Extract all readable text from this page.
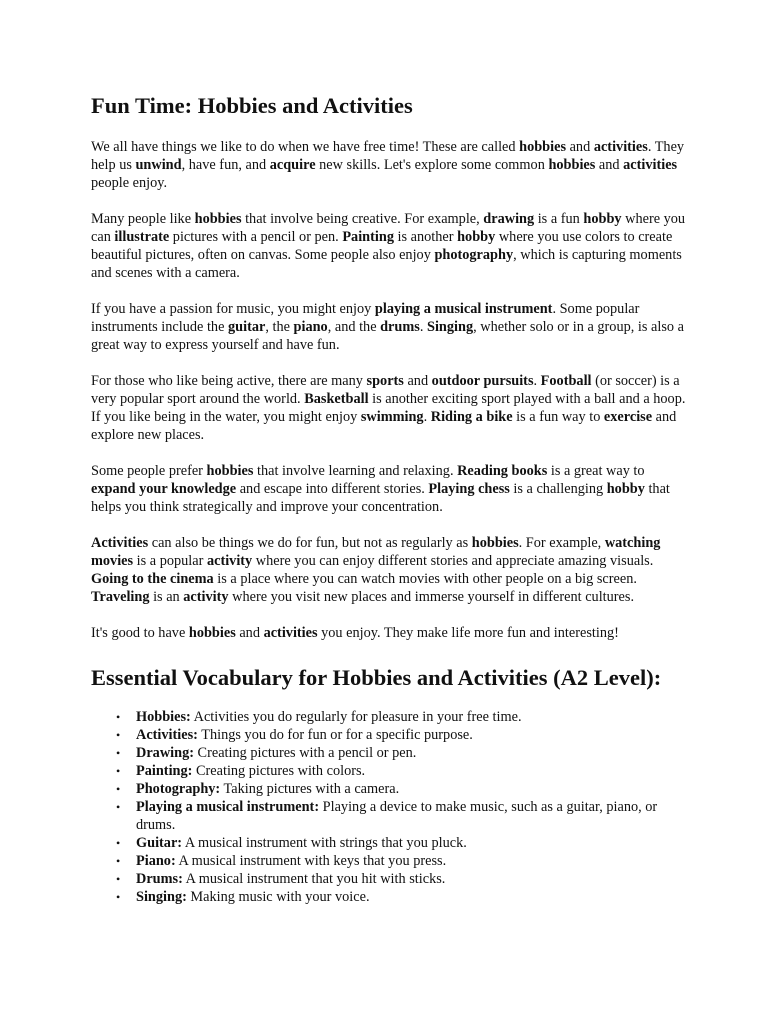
Fun Time: Hobbies and Activities

We all have things we like to do when we have free time! These are called hobbies and activities. They help us unwind, have fun, and acquire new skills. Let's explore some common hobbies and activities people enjoy.

Many people like hobbies that involve being creative. For example, drawing is a fun hobby where you can illustrate pictures with a pencil or pen. Painting is another hobby where you use colors to create beautiful pictures, often on canvas. Some people also enjoy photography, which is capturing moments and scenes with a camera.

If you have a passion for music, you might enjoy playing a musical instrument. Some popular instruments include the guitar, the piano, and the drums. Singing, whether solo or in a group, is also a great way to express yourself and have fun.

For those who like being active, there are many sports and outdoor pursuits. Football (or soccer) is a very popular sport around the world. Basketball is another exciting sport played with a ball and a hoop. If you like being in the water, you might enjoy swimming. Riding a bike is a fun way to exercise and explore new places.

Some people prefer hobbies that involve learning and relaxing. Reading books is a great way to expand your knowledge and escape into different stories. Playing chess is a challenging hobby that helps you think strategically and improve your concentration.

Activities can also be things we do for fun, but not as regularly as hobbies. For example, watching movies is a popular activity where you can enjoy different stories and appreciate amazing visuals. Going to the cinema is a place where you can watch movies with other people on a big screen. Traveling is an activity where you visit new places and immerse yourself in different cultures.

It's good to have hobbies and activities you enjoy. They make life more fun and interesting!

Essential Vocabulary for Hobbies and Activities (A2 Level):
• Hobbies: Activities you do regularly for pleasure in your free time.
• Activities: Things you do for fun or for a specific purpose.
• Drawing: Creating pictures with a pencil or pen.
• Painting: Creating pictures with colors.
• Photography: Taking pictures with a camera.
• Playing a musical instrument: Playing a device to make music, such as a guitar, piano, or drums.
• Guitar: A musical instrument with strings that you pluck.
• Piano: A musical instrument with keys that you press.
• Drums: A musical instrument that you hit with sticks.
• Singing: Making music with your voice.
